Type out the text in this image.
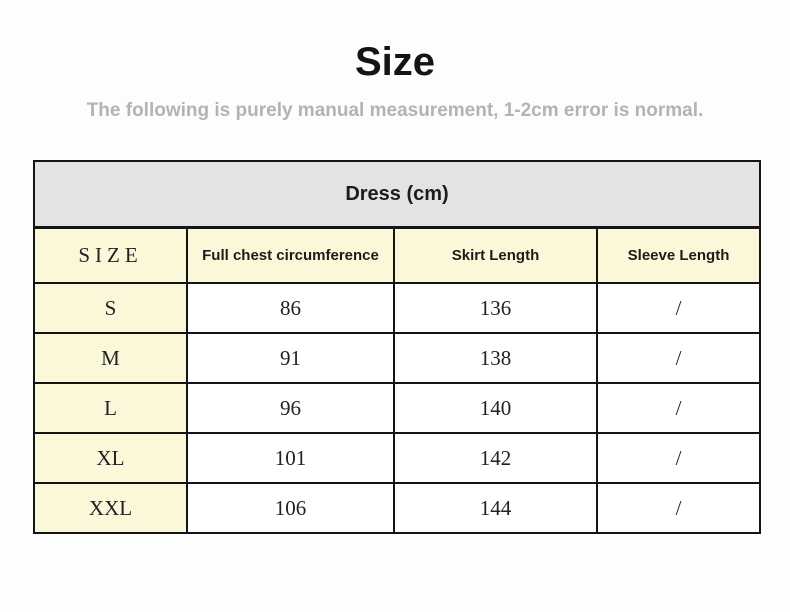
Size
The following is purely manual measurement, 1-2cm error is normal.
Dress (cm)			
SIZE	Full chest circumference	Skirt Length	Sleeve Length
S	86	136	/
M	91	138	/
L	96	140	/
XL	101	142	/
XXL	106	144	/
